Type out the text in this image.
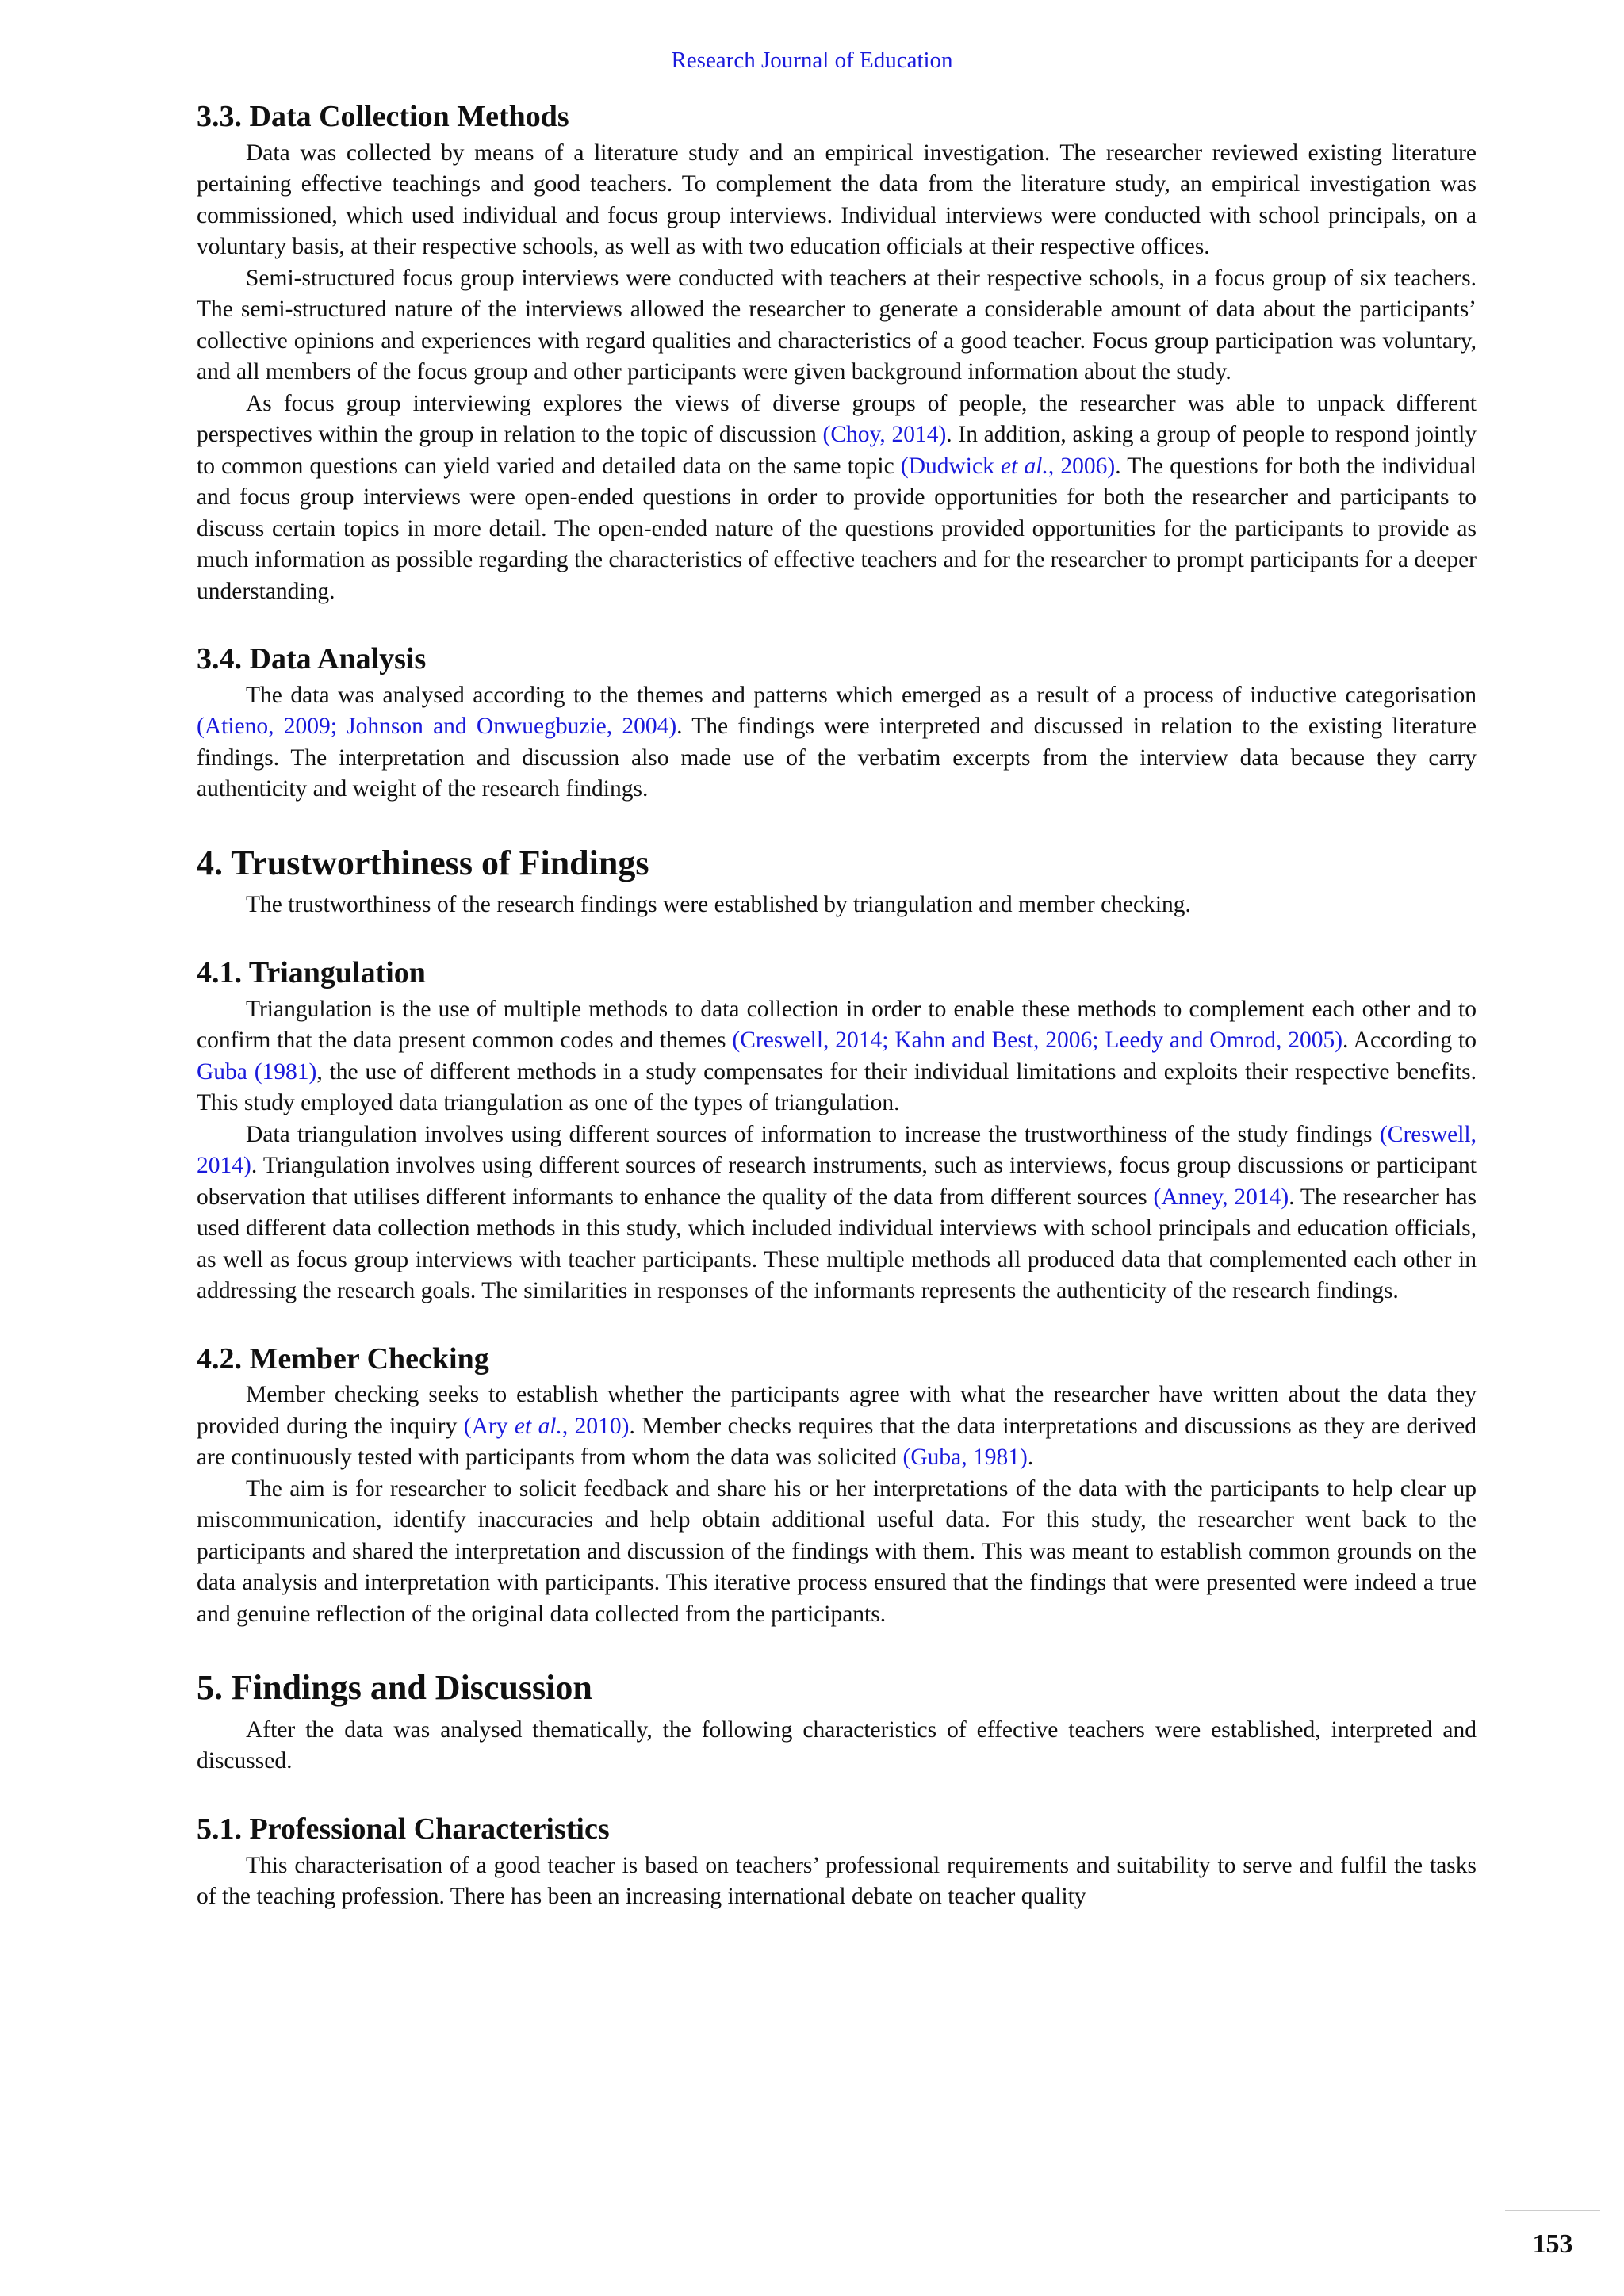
Research Journal of Education
3.3. Data Collection Methods

Data was collected by means of a literature study and an empirical investigation. The researcher reviewed existing literature pertaining effective teachings and good teachers. To complement the data from the literature study, an empirical investigation was commissioned, which used individual and focus group interviews. Individual interviews were conducted with school principals, on a voluntary basis, at their respective schools, as well as with two education officials at their respective offices.

Semi-structured focus group interviews were conducted with teachers at their respective schools, in a focus group of six teachers. The semi-structured nature of the interviews allowed the researcher to generate a considerable amount of data about the participants’ collective opinions and experiences with regard qualities and characteristics of a good teacher. Focus group participation was voluntary, and all members of the focus group and other participants were given background information about the study.

As focus group interviewing explores the views of diverse groups of people, the researcher was able to unpack different perspectives within the group in relation to the topic of discussion (Choy, 2014). In addition, asking a group of people to respond jointly to common questions can yield varied and detailed data on the same topic (Dudwick et al., 2006). The questions for both the individual and focus group interviews were open-ended questions in order to provide opportunities for both the researcher and participants to discuss certain topics in more detail. The open-ended nature of the questions provided opportunities for the participants to provide as much information as possible regarding the characteristics of effective teachers and for the researcher to prompt participants for a deeper understanding.

3.4. Data Analysis

The data was analysed according to the themes and patterns which emerged as a result of a process of inductive categorisation (Atieno, 2009; Johnson and Onwuegbuzie, 2004). The findings were interpreted and discussed in relation to the existing literature findings. The interpretation and discussion also made use of the verbatim excerpts from the interview data because they carry authenticity and weight of the research findings.

4. Trustworthiness of Findings

The trustworthiness of the research findings were established by triangulation and member checking.

4.1. Triangulation

Triangulation is the use of multiple methods to data collection in order to enable these methods to complement each other and to confirm that the data present common codes and themes (Creswell, 2014; Kahn and Best, 2006; Leedy and Omrod, 2005). According to Guba (1981), the use of different methods in a study compensates for their individual limitations and exploits their respective benefits. This study employed data triangulation as one of the types of triangulation.

Data triangulation involves using different sources of information to increase the trustworthiness of the study findings (Creswell, 2014). Triangulation involves using different sources of research instruments, such as interviews, focus group discussions or participant observation that utilises different informants to enhance the quality of the data from different sources (Anney, 2014). The researcher has used different data collection methods in this study, which included individual interviews with school principals and education officials, as well as focus group interviews with teacher participants. These multiple methods all produced data that complemented each other in addressing the research goals. The similarities in responses of the informants represents the authenticity of the research findings.

4.2. Member Checking

Member checking seeks to establish whether the participants agree with what the researcher have written about the data they provided during the inquiry (Ary et al., 2010). Member checks requires that the data interpretations and discussions as they are derived are continuously tested with participants from whom the data was solicited (Guba, 1981).

The aim is for researcher to solicit feedback and share his or her interpretations of the data with the participants to help clear up miscommunication, identify inaccuracies and help obtain additional useful data. For this study, the researcher went back to the participants and shared the interpretation and discussion of the findings with them. This was meant to establish common grounds on the data analysis and interpretation with participants. This iterative process ensured that the findings that were presented were indeed a true and genuine reflection of the original data collected from the participants.

5. Findings and Discussion

After the data was analysed thematically, the following characteristics of effective teachers were established, interpreted and discussed.

5.1. Professional Characteristics

This characterisation of a good teacher is based on teachers’ professional requirements and suitability to serve and fulfil the tasks of the teaching profession. There has been an increasing international debate on teacher quality

153
